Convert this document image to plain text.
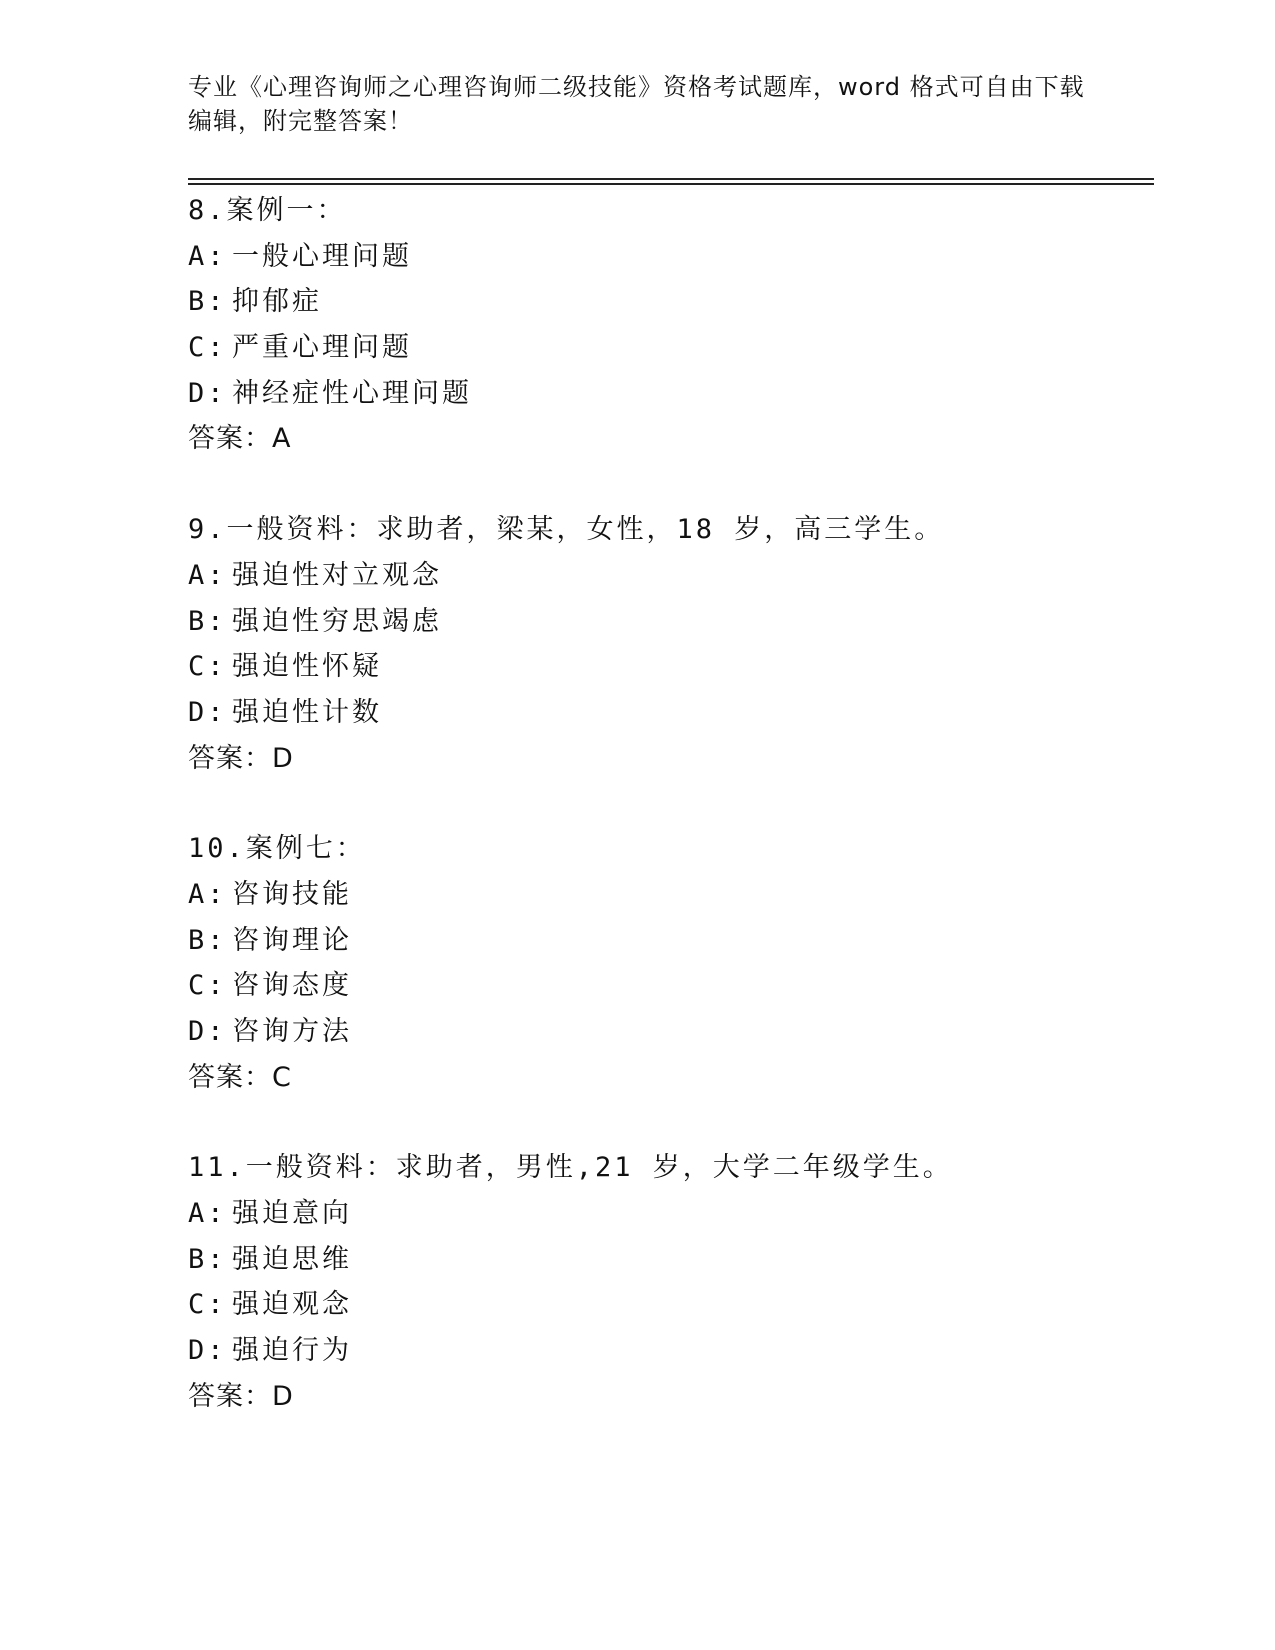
专业《心理咨询师之心理咨询师二级技能》资格考试题库，word 格式可自由下载
编辑，附完整答案！
8.案例一：
A: 一般心理问题
B: 抑郁症
C: 严重心理问题
D: 神经症性心理问题
答案：A
9.一般资料：求助者，梁某，女性，18 岁，高三学生。
A: 强迫性对立观念
B: 强迫性穷思竭虑
C: 强迫性怀疑
D: 强迫性计数
答案：D
10.案例七：
A: 咨询技能
B: 咨询理论
C: 咨询态度
D: 咨询方法
答案：C
11.一般资料：求助者，男性,21 岁，大学二年级学生。
A: 强迫意向
B: 强迫思维
C: 强迫观念
D: 强迫行为
答案：D
